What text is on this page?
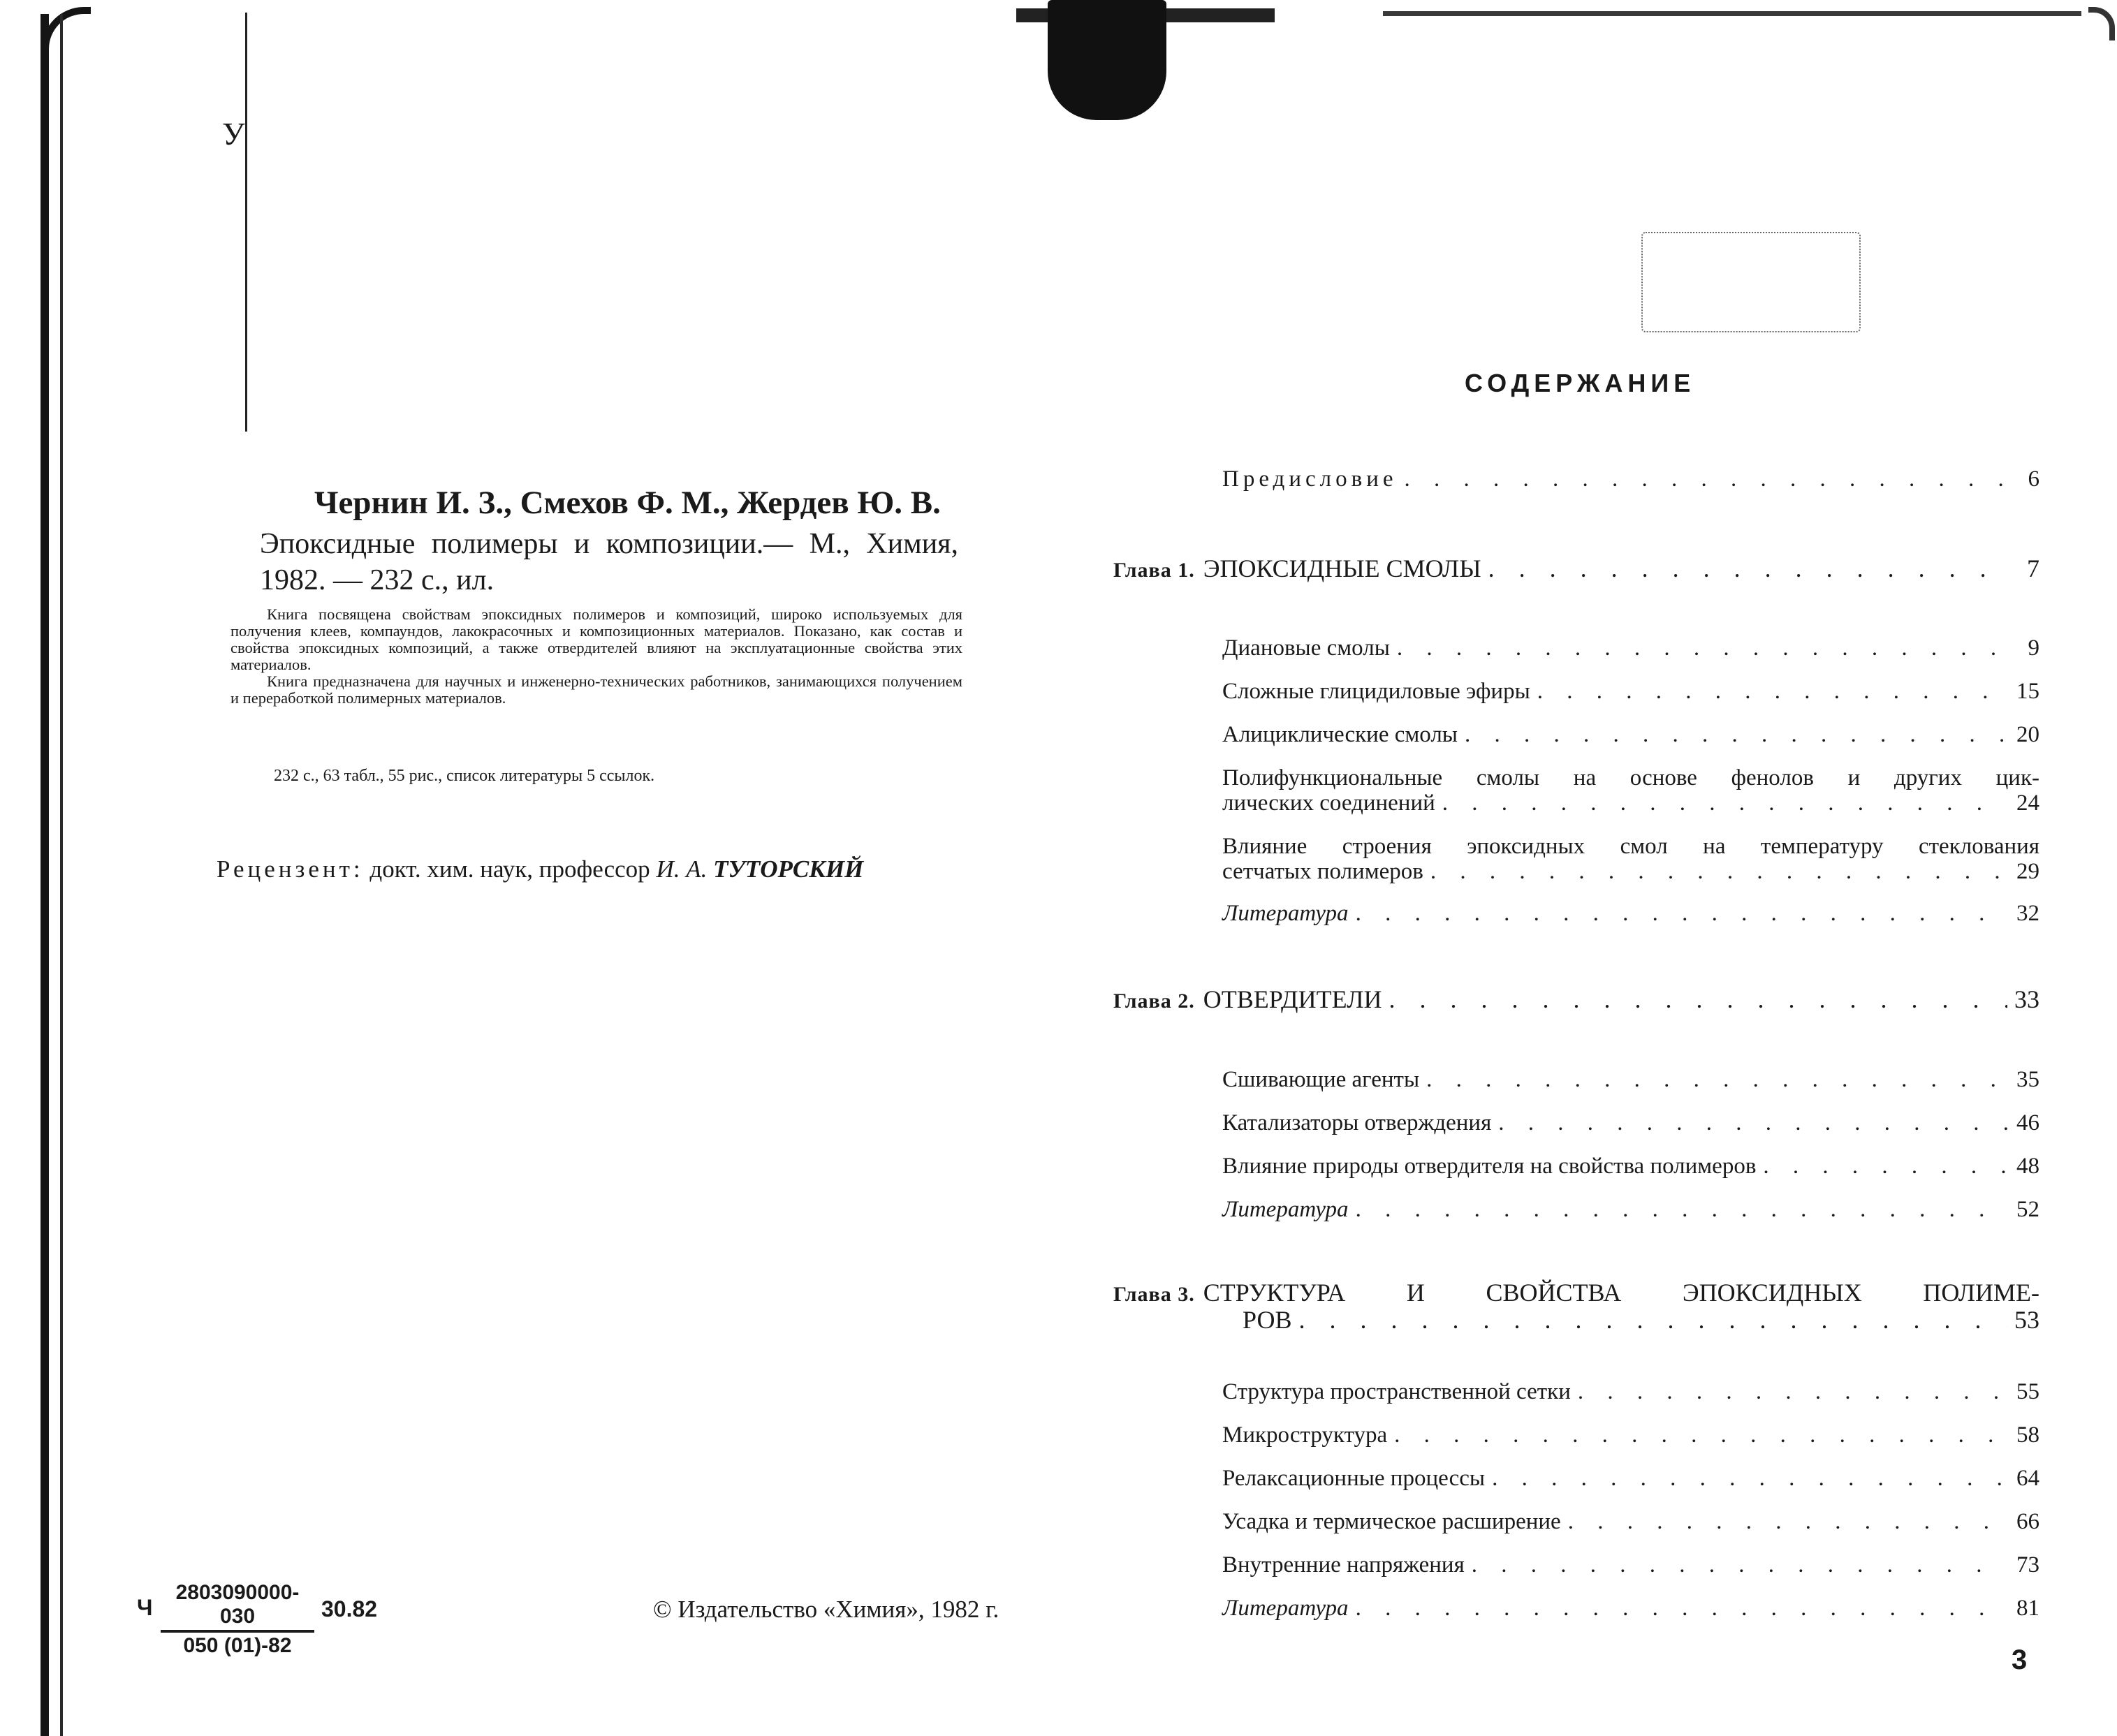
У
Чернин И. З., Смехов Ф. М., Жердев Ю. В.
Эпоксидные полимеры и композиции.— М., Химия, 1982. — 232 с., ил.

Книга посвящена свойствам эпоксидных полимеров и композиций, широко используемых для получения клеев, компаундов, лакокрасочных и композиционных материалов. Показано, как состав и свойства эпоксидных композиций, а также отвердителей влияют на эксплуатационные свойства этих материалов.

Книга предназначена для научных и инженерно-технических работников, занимающихся получением и переработкой полимерных материалов.

232 с., 63 табл., 55 рис., список литературы 5 ссылок.
Рецензент: докт. хим. наук, профессор И. А. ТУТОРСКИЙ
Ч $\frac{2803090000-030}{050 (01)-82} 30.82$	© Издательство «Химия», 1982 г.
СОДЕРЖАНИЕ
Предисловие . . .	6
Глава 1. ЭПОКСИДНЫЕ СМОЛЫ . . .	7
Диановые смолы . . .	9
Сложные глицидиловые эфиры . . .	15
Алициклические смолы . . .	20
Полифункциональные смолы на основе фенолов и других цик-
лических соединений . . .	24
Влияние строения эпоксидных смол на температуру стеклования
сетчатых полимеров . . .	29
Литература . . .	32
Глава 2. ОТВЕРДИТЕЛИ . . .	33
Сшивающие агенты . . .	35
Катализаторы отверждения . . .	46
Влияние природы отвердителя на свойства полимеров . . .	48
Литература . . .	52
Глава 3. СТРУКТУРА И СВОЙСТВА ЭПОКСИДНЫХ ПОЛИМЕ-
РОВ . . .	53
Структура пространственной сетки . . .	55
Микроструктура . . .	58
Релаксационные процессы . . .	64
Усадка и термическое расширение . . .	66
Внутренние напряжения . . .	73
Литература . . .	81
3
